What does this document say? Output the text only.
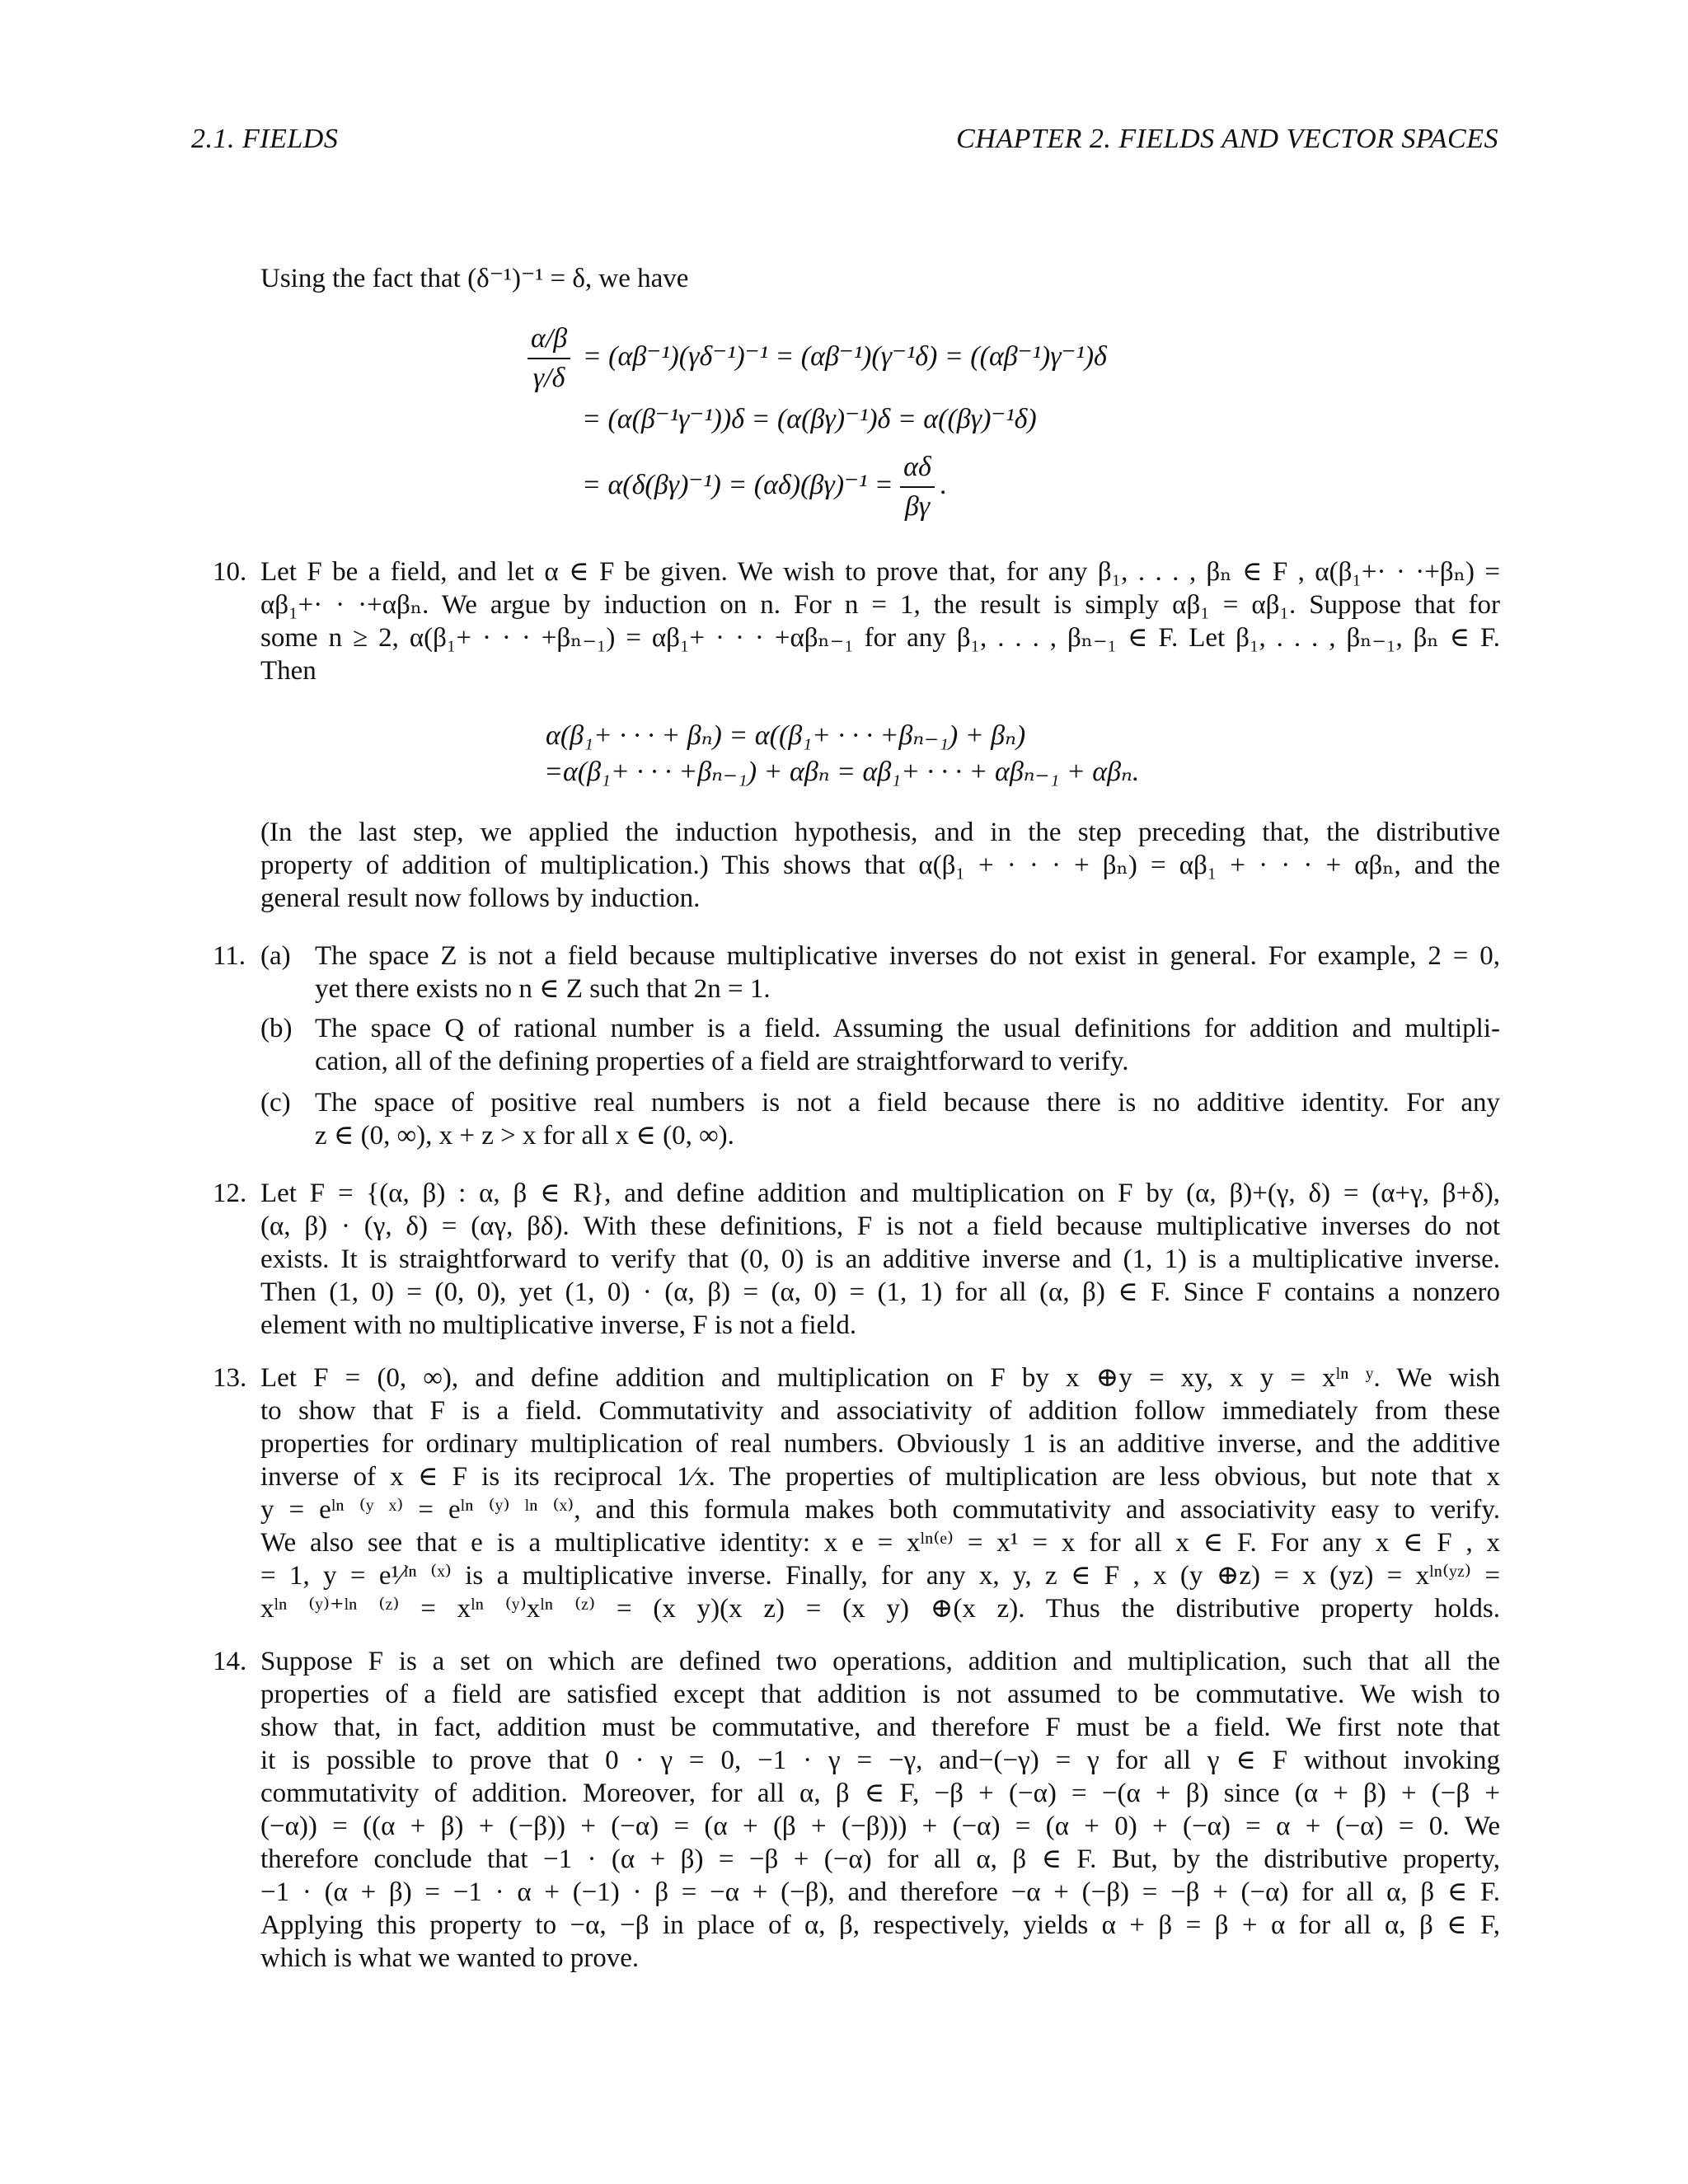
2.1. FIELDS	CHAPTER 2. FIELDS AND VECTOR SPACES
Using the fact that (δ⁻¹)⁻¹ = δ, we have
$\frac{\alpha/\beta}{\gamma/\delta} = (\alpha\beta^{-1})(\gamma\delta^{-1})^{-1} = (\alpha\beta^{-1})(\gamma^{-1}\delta) = ((\alpha\beta^{-1})\gamma^{-1})\delta$
= (α(β⁻¹γ⁻¹))δ = (α(βγ)⁻¹)δ = α((βγ)⁻¹δ)
= $\alpha(\delta(\beta\gamma)^{-1}) = (\alpha\delta)(\beta\gamma)^{-1} = \frac{\alpha\delta}{\beta\gamma}$ .
10. Let F be a field, and let α ∈ F be given. We wish to prove that, for any β₁, . . . , βₙ ∈ F , α(β₁+· · ·+βₙ) =
αβ₁+· · ·+αβₙ. We argue by induction on n. For n = 1, the result is simply αβ₁ = αβ₁. Suppose that for
some n ≥ 2, α(β₁+ · · · +βₙ₋₁) = αβ₁+ · · · +αβₙ₋₁ for any β₁, . . . , βₙ₋₁ ∈ F. Let β₁, . . . , βₙ₋₁, βₙ ∈ F.
Then
α(β₁+ · · · + βₙ) = α((β₁+ · · · +βₙ₋₁) + βₙ)
=α(β₁+ · · · +βₙ₋₁) + αβₙ = αβ₁+ · · · + αβₙ₋₁ + αβₙ.
(In the last step, we applied the induction hypothesis, and in the step preceding that, the distributive
property of addition of multiplication.) This shows that α(β₁ + · · · + βₙ) = αβ₁ + · · · + αβₙ, and the
general result now follows by induction.
11. (a) The space Z is not a field because multiplicative inverses do not exist in general. For example, 2 = 0,
yet there exists no n ∈ Z such that 2n = 1.
(b) The space Q of rational number is a field. Assuming the usual definitions for addition and multipli-
cation, all of the defining properties of a field are straightforward to verify.
(c) The space of positive real numbers is not a field because there is no additive identity. For any
z ∈ (0, ∞), x + z > x for all x ∈ (0, ∞).
12. Let F = {(α, β) : α, β ∈ R}, and define addition and multiplication on F by (α, β)+(γ, δ) = (α+γ, β+δ),
(α, β) · (γ, δ) = (αγ, βδ). With these definitions, F is not a field because multiplicative inverses do not
exists. It is straightforward to verify that (0, 0) is an additive inverse and (1, 1) is a multiplicative inverse.
Then (1, 0) = (0, 0), yet (1, 0) · (α, β) = (α, 0) = (1, 1) for all (α, β) ∈ F. Since F contains a nonzero
element with no multiplicative inverse, F is not a field.
13. Let F = (0, ∞), and define addition and multiplication on F by x ⊕y = xy, x y = xˡⁿ ʸ. We wish
to show that F is a field. Commutativity and associativity of addition follow immediately from these
properties for ordinary multiplication of real numbers. Obviously 1 is an additive inverse, and the additive
inverse of x ∈ F is its reciprocal 1⁄x. The properties of multiplication are less obvious, but note that x
y = eˡⁿ ⁽ʸ ˣ⁾ = eˡⁿ ⁽ʸ⁾ ˡⁿ ⁽ˣ⁾, and this formula makes both commutativity and associativity easy to verify.
We also see that e is a multiplicative identity: x e = xˡⁿ⁽ᵉ⁾ = x¹ = x for all x ∈ F. For any x ∈ F , x
= 1, y = e¹⁄ˡⁿ ⁽ˣ⁾ is a multiplicative inverse. Finally, for any x, y, z ∈ F , x (y ⊕z) = x (yz) = xˡⁿ⁽ʸᶻ⁾ =
xˡⁿ ⁽ʸ⁾⁺ˡⁿ ⁽ᶻ⁾ = xˡⁿ ⁽ʸ⁾xˡⁿ ⁽ᶻ⁾ = (x y)(x z) = (x y) ⊕(x z). Thus the distributive property holds.
14. Suppose F is a set on which are defined two operations, addition and multiplication, such that all the
properties of a field are satisfied except that addition is not assumed to be commutative. We wish to
show that, in fact, addition must be commutative, and therefore F must be a field. We first note that
it is possible to prove that 0 · γ = 0, −1 · γ = −γ, and−(−γ) = γ for all γ ∈ F without invoking
commutativity of addition. Moreover, for all α, β ∈ F, −β + (−α) = −(α + β) since (α + β) + (−β +
(−α)) = ((α + β) + (−β)) + (−α) = (α + (β + (−β))) + (−α) = (α + 0) + (−α) = α + (−α) = 0. We
therefore conclude that −1 · (α + β) = −β + (−α) for all α, β ∈ F. But, by the distributive property,
−1 · (α + β) = −1 · α + (−1) · β = −α + (−β), and therefore −α + (−β) = −β + (−α) for all α, β ∈ F.
Applying this property to −α, −β in place of α, β, respectively, yields α + β = β + α for all α, β ∈ F,
which is what we wanted to prove.
